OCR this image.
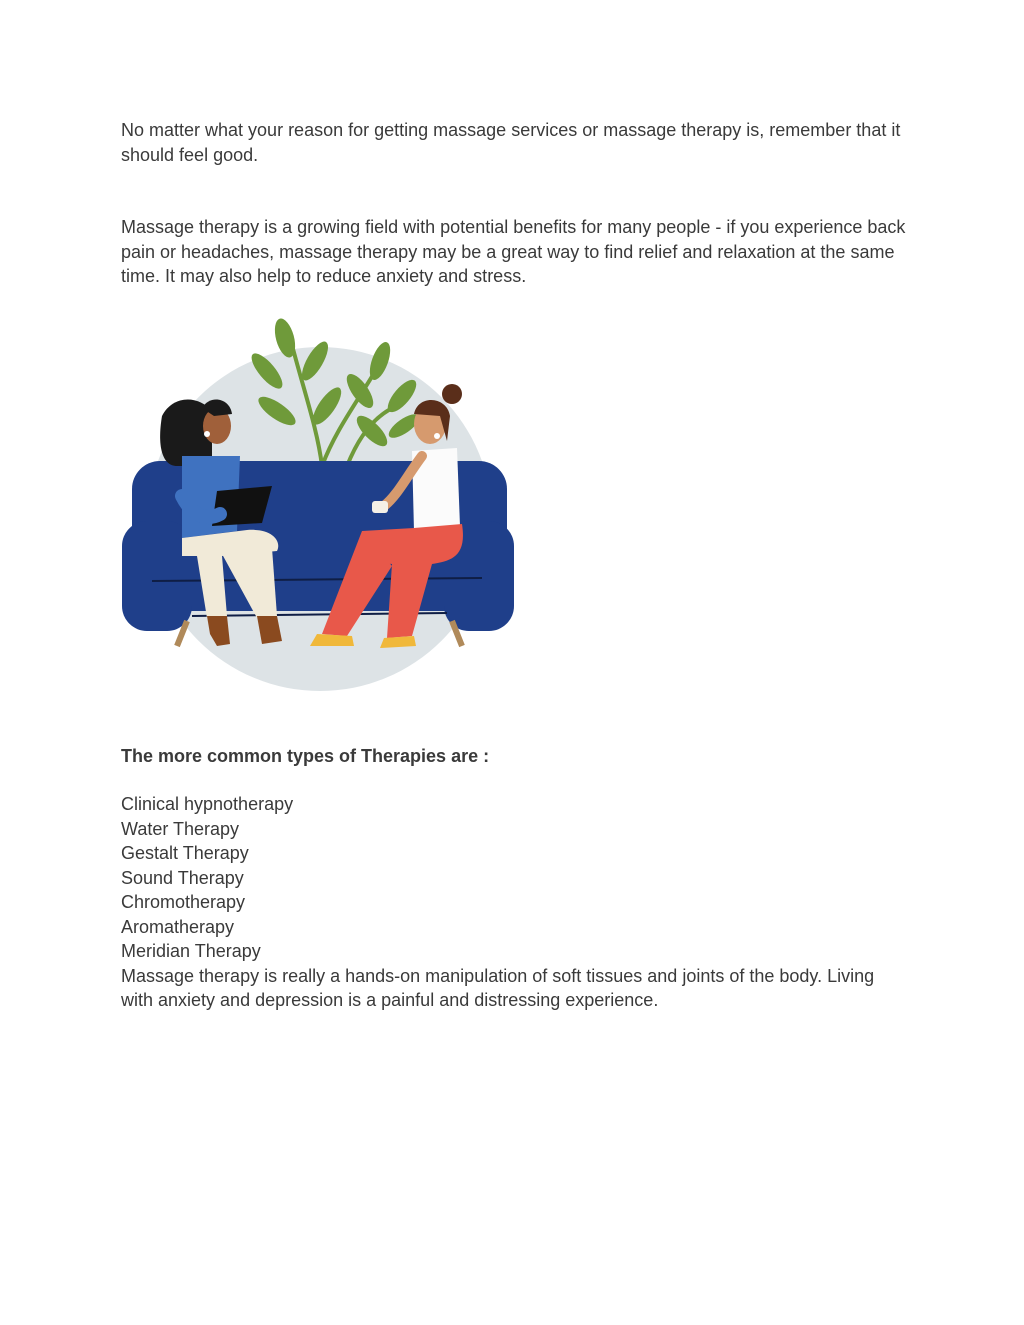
No matter what your reason for getting massage services or massage therapy is, remember that it should feel good.

Massage therapy is a growing field with potential benefits for many people - if you experience back pain or headaches, massage therapy may be a great way to find relief and relaxation at the same time. It may also help to reduce anxiety and stress.

The more common types of Therapies are :

Clinical hypnotherapy
Water Therapy
Gestalt Therapy
Sound Therapy
Chromotherapy
Aromatherapy
Meridian Therapy

Massage therapy is really a hands-on manipulation of soft tissues and joints of the body. Living with anxiety and depression is a painful and distressing experience.
